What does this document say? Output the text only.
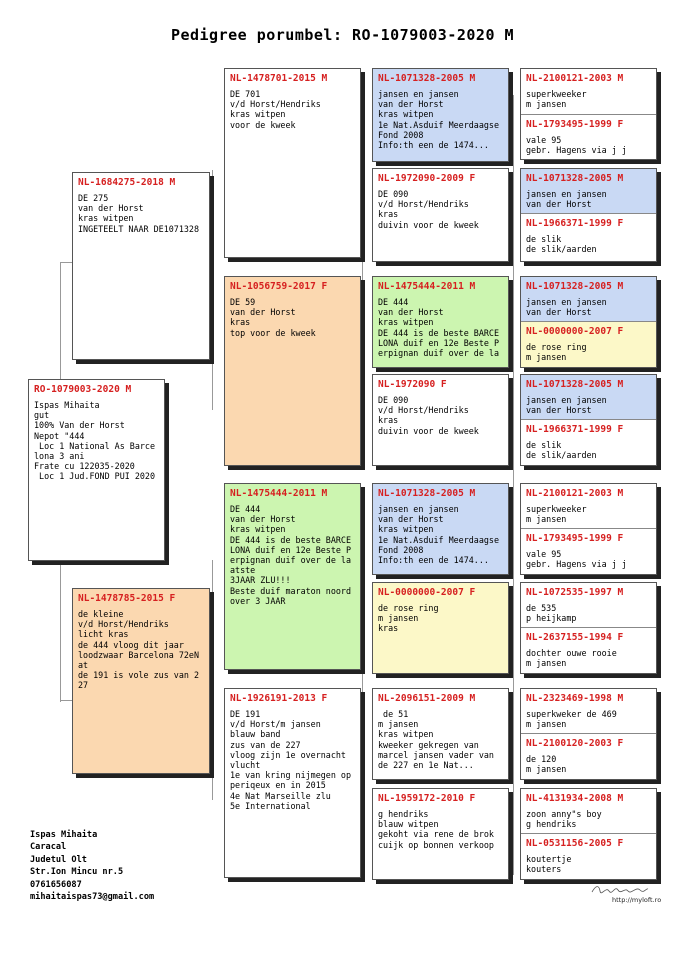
Pedigree porumbel: RO-1079003-2020 M
RO-1079003-2020 M
Ispas Mihaita
gut
100% Van der Horst
Nepot "444
Loc 1 National As Barce
lona 3 ani
Frate cu 122035-2020
Loc 1 Jud.FOND PUI 2020
NL-1684275-2018 M
DE 275
van der Horst
kras witpen
INGETEELT NAAR DE1071328
NL-1478785-2015 F
de kleine
v/d Horst/Hendriks
licht kras
de 444 vloog dit jaar
loodzwaar Barcelona 72eN
at
de 191 is vole zus van 2
27
NL-1478701-2015 M
DE 701
v/d Horst/Hendriks
kras witpen
voor de kweek
NL-1056759-2017 F
DE 59
van der Horst
kras
top voor de kweek
NL-1475444-2011 M
DE 444
van der Horst
kras witpen
DE 444 is de beste BARCE
LONA duif en 12e Beste P
erpignan duif over de la
atste
3JAAR ZLU!!!
Beste duif maraton noord
over 3 JAAR
NL-1926191-2013 F
DE 191
v/d Horst/m jansen
blauw band
zus van de 227
vloog zijn 1e overnacht
vlucht
1e van kring nijmegen op
periqeux en in 2015
4e Nat Marseille zlu
5e International
NL-1071328-2005 M
jansen en jansen
van der Horst
kras witpen
1e Nat.Asduif Meerdaagse
Fond 2008
Info:th een de 1474...
NL-1972090-2009 F
DE 090
v/d Horst/Hendriks
kras
duivin voor de kweek
NL-1475444-2011 M
DE 444
van der Horst
kras witpen
DE 444 is de beste BARCE
LONA duif en 12e Beste P
erpignan duif over de la
NL-1972090 F
DE 090
v/d Horst/Hendriks
kras
duivin voor de kweek
NL-1071328-2005 M
jansen en jansen
van der Horst
kras witpen
1e Nat.Asduif Meerdaagse
Fond 2008
Info:th een de 1474...
NL-0000000-2007 F
de rose ring
m jansen
kras
NL-2096151-2009 M
de 51
m jansen
kras witpen
kweeker gekregen van
marcel jansen vader van
de 227 en 1e Nat...
NL-1959172-2010 F
g hendriks
blauw witpen
gekoht via rene de brok
cuijk op bonnen verkoop
NL-2100121-2003 M
superkweeker
m jansen
NL-1793495-1999 F
vale 95
gebr. Hagens via j j
NL-1071328-2005 M
jansen en jansen
van der Horst
NL-1966371-1999 F
de slik
de slik/aarden
NL-1071328-2005 M
jansen en jansen
van der Horst
NL-0000000-2007 F
de rose ring
m jansen
NL-1071328-2005 M
jansen en jansen
van der Horst
NL-1966371-1999 F
de slik
de slik/aarden
NL-2100121-2003 M
superkweeker
m jansen
NL-1793495-1999 F
vale 95
gebr. Hagens via j j
NL-1072535-1997 M
de 535
p heijkamp
NL-2637155-1994 F
dochter ouwe rooie
m jansen
NL-2323469-1998 M
superkweker de 469
m jansen
NL-2100120-2003 F
de 120
m jansen
NL-4131934-2008 M
zoon anny"s boy
g hendriks
NL-0531156-2005 F
koutertje
kouters
Ispas Mihaita
Caracal
Judetul Olt
Str.Ion Mincu nr.5
0761656087
mihaitaispas73@gmail.com	http://myloft.ro
